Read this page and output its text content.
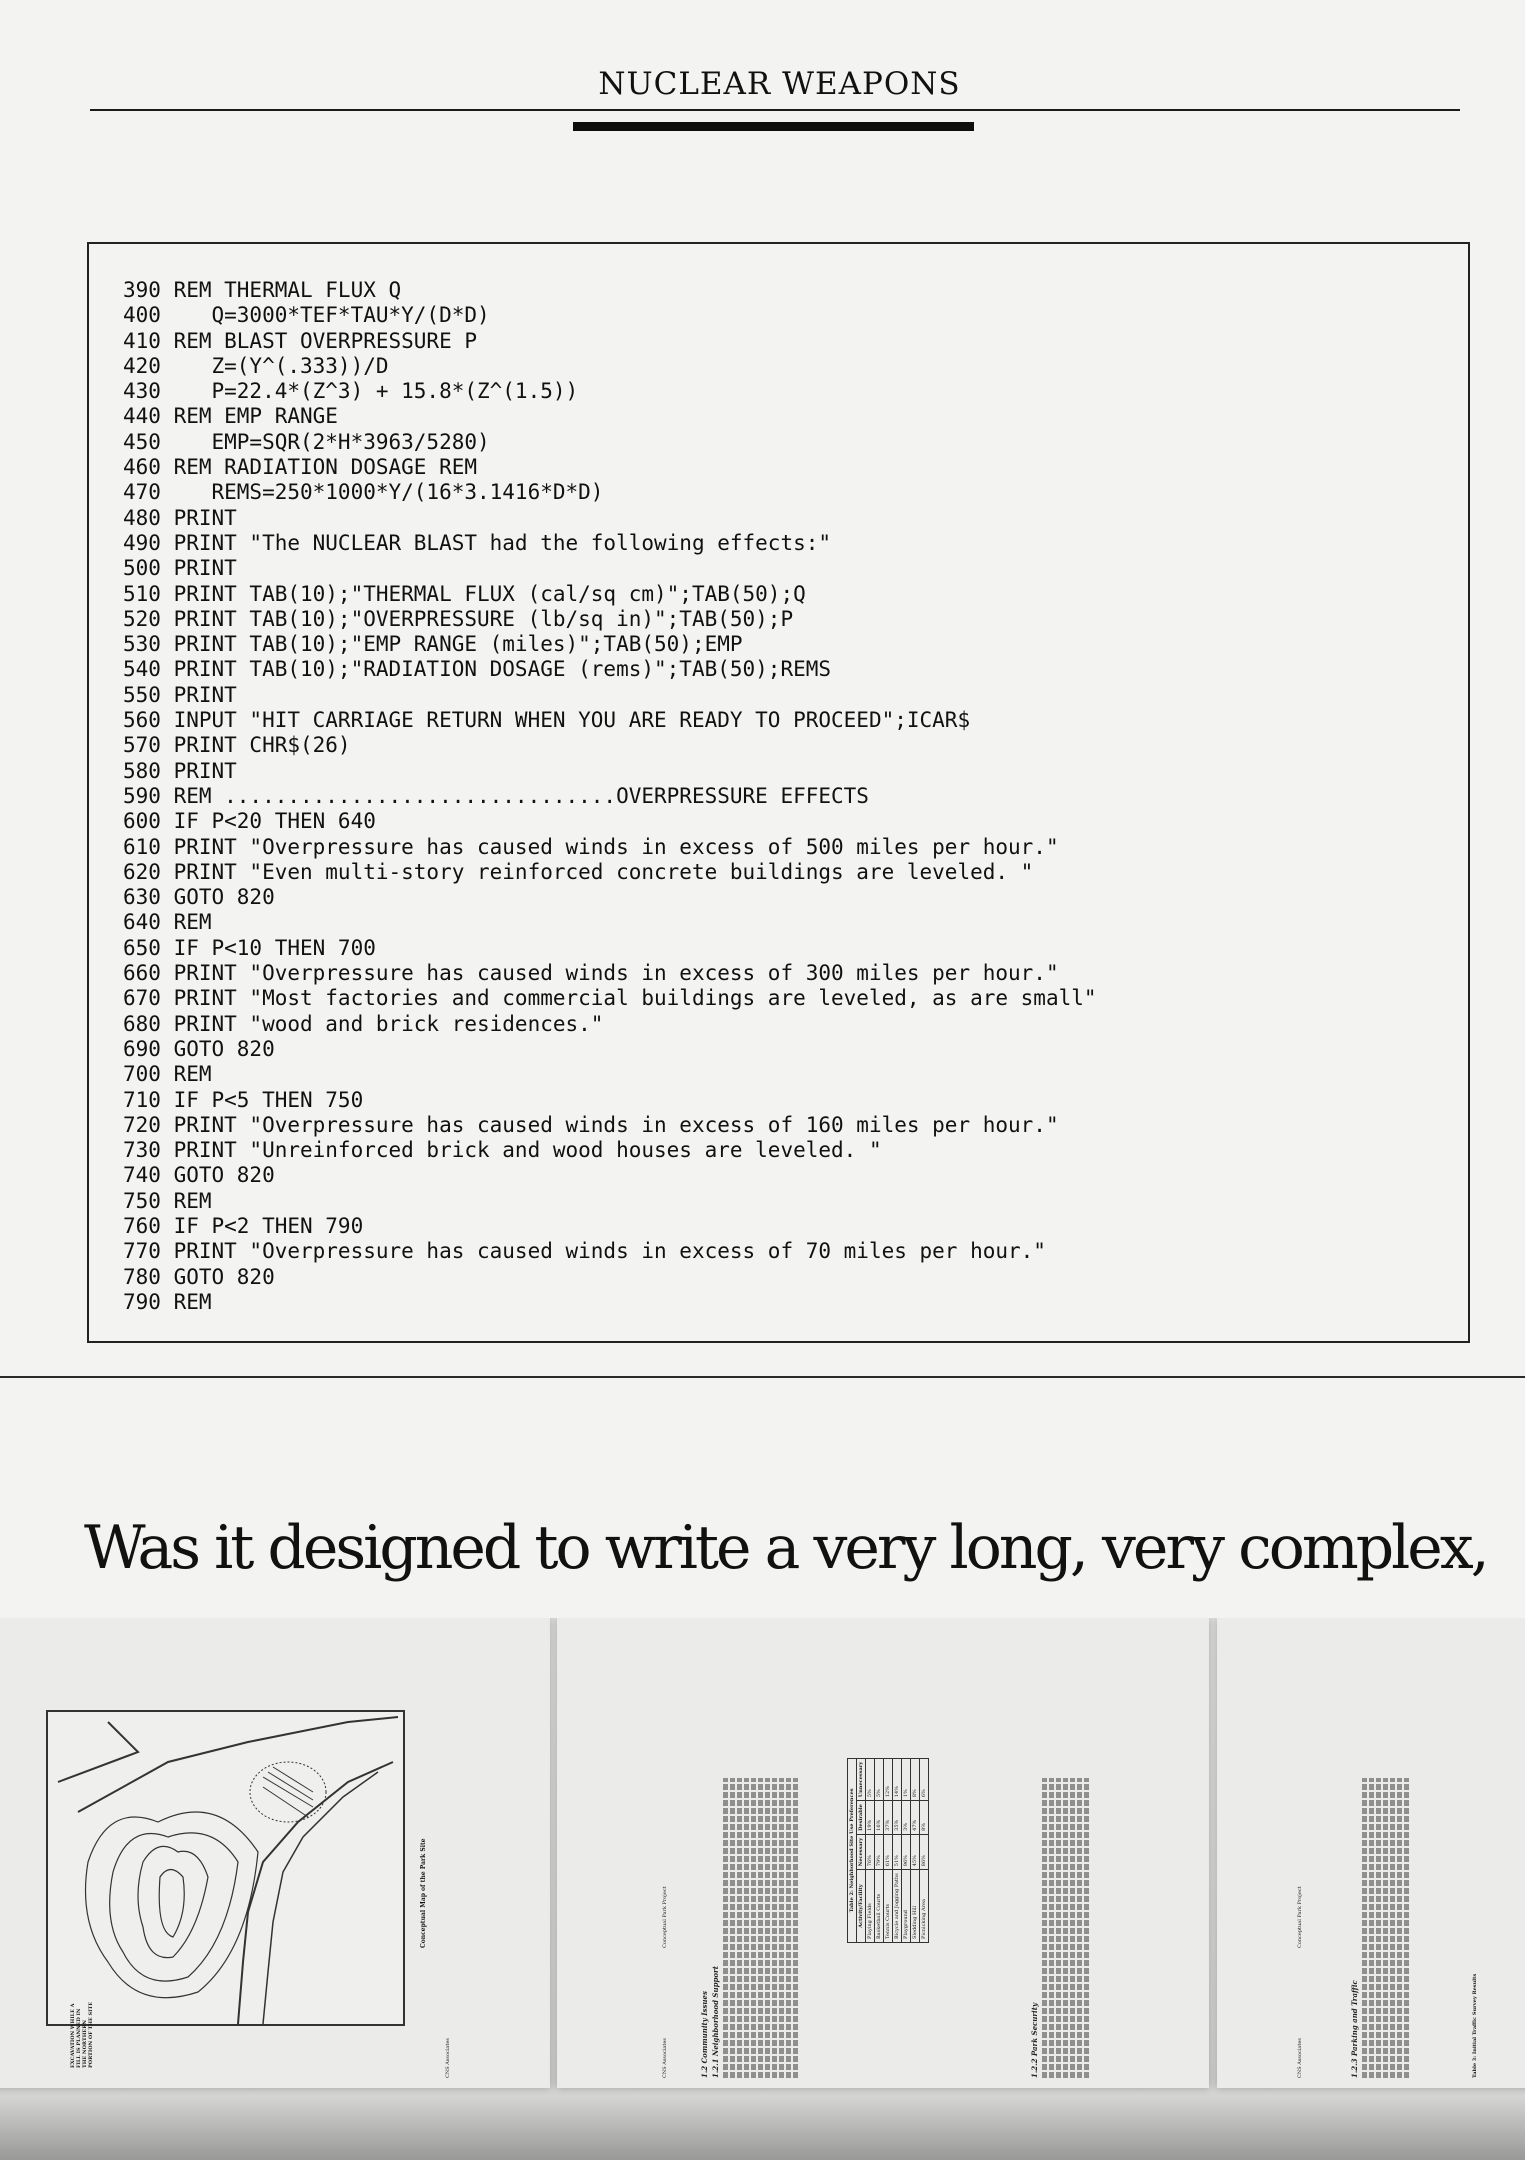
NUCLEAR WEAPONS
390 REM THERMAL FLUX Q
400    Q=3000*TEF*TAU*Y/(D*D)
410 REM BLAST OVERPRESSURE P
420    Z=(Y^(.333))/D
430    P=22.4*(Z^3) + 15.8*(Z^(1.5))
440 REM EMP RANGE
450    EMP=SQR(2*H*3963/5280)
460 REM RADIATION DOSAGE REM
470    REMS=250*1000*Y/(16*3.1416*D*D)
480 PRINT
490 PRINT "The NUCLEAR BLAST had the following effects:"
500 PRINT
510 PRINT TAB(10);"THERMAL FLUX (cal/sq cm)";TAB(50);Q
520 PRINT TAB(10);"OVERPRESSURE (lb/sq in)";TAB(50);P
530 PRINT TAB(10);"EMP RANGE (miles)";TAB(50);EMP
540 PRINT TAB(10);"RADIATION DOSAGE (rems)";TAB(50);REMS
550 PRINT
560 INPUT "HIT CARRIAGE RETURN WHEN YOU ARE READY TO PROCEED";ICAR$
570 PRINT CHR$(26)
580 PRINT
590 REM ...............................OVERPRESSURE EFFECTS
600 IF P<20 THEN 640
610 PRINT "Overpressure has caused winds in excess of 500 miles per hour."
620 PRINT "Even multi-story reinforced concrete buildings are leveled. "
630 GOTO 820
640 REM
650 IF P<10 THEN 700
660 PRINT "Overpressure has caused winds in excess of 300 miles per hour."
670 PRINT "Most factories and commercial buildings are leveled, as are small"
680 PRINT "wood and brick residences."
690 GOTO 820
700 REM
710 IF P<5 THEN 750
720 PRINT "Overpressure has caused winds in excess of 160 miles per hour."
730 PRINT "Unreinforced brick and wood houses are leveled. "
740 GOTO 820
750 REM
760 IF P<2 THEN 790
770 PRINT "Overpressure has caused winds in excess of 70 miles per hour."
780 GOTO 820
790 REM
Was it designed to write a very long, very complex,
Conceptual Map of the Park Site
EXCAVATION WHILE A FILL IS PLANNED IN THE NORTHERN PORTION OF THE SITE	CNS Associates
Conceptual Park Project
CNS Associates	1.2 Community Issues 1.2.1 Neighborhood Support
Table 2: Neighborhood Site Use Preferences			
Activity/Facility	Necessary	Desirable	Unnecessary
Playing Fields	76%	19%	5%
Basketball Courts	79%	16%	5%
Tennis Courts	61%	37%	12%
Bicycle and Jogging Paths	51%	35%	14%
Playground	96%	3%	1%
Sledding Hill	45%	47%	8%
Picnicking Area	86%	8%	6%
1.2.2 Park Security
Conceptual Park Project
CNS Associates	1.2.3 Parking and Traffic	Table 3: Initial Traffic Survey Results
